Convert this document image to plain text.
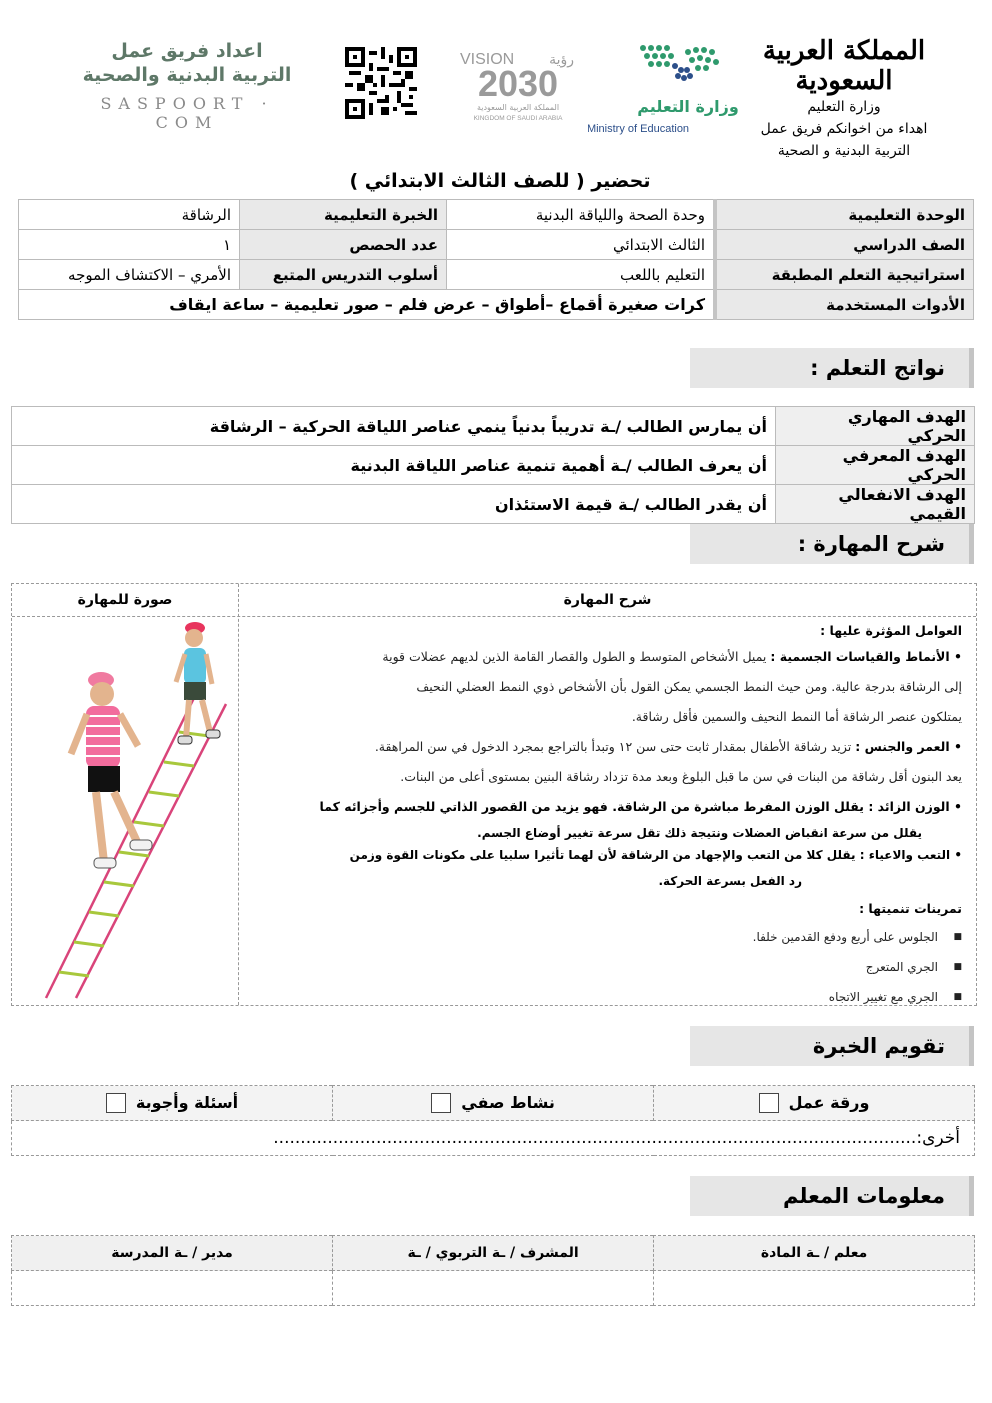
المملكة العربية السعودية
وزارة التعليم
اهداء من اخوانكم فريق عمل
التربية البدنية و الصحية
وزارة التعليم
Ministry of Education
VISION رؤية
2030
المملكة العربية السعودية
KINGDOM OF SAUDI ARABIA
اعداد فريق عمل
التربية البدنية والصحية
SASPOORT · COM
تحضير ( للصف الثالث الابتدائي )
الوحدة التعليمية	وحدة الصحة واللياقة البدنية	الخبرة التعليمية	الرشاقة
الصف الدراسي	الثالث الابتدائي	عدد الحصص	١
استراتيجية التعلم المطبقة	التعليم باللعب	أسلوب التدريس المتبع	الأمري – الاكتشاف الموجه
الأدوات المستخدمة	كرات صغيرة أقماع –أطواق – عرض فلم – صور تعليمية – ساعة ايقاف		
نواتج التعلم :
الهدف المهاري الحركي	أن يمارس الطالب /ـة تدريباً بدنياً ينمي عناصر اللياقة الحركية – الرشاقة
الهدف المعرفي الحركي	أن يعرف الطالب /ـة أهمية تنمية عناصر اللياقة البدنية
الهدف الانفعالي القيمي	أن يقدر الطالب /ـة قيمة الاستئذان
شرح المهارة :
صورة للمهارة	شرح المهارة

العوامل المؤثرة عليها :

• الأنماط والقياسات الجسمية : يميل الأشخاص المتوسط و الطول والقصار القامة الذين لديهم عضلات قوية

إلى الرشاقة بدرجة عالية. ومن حيث النمط الجسمي يمكن القول بأن الأشخاص ذوي النمط العضلي النحيف

يمتلكون عنصر الرشاقة أما النمط النحيف والسمين فأقل رشاقة.

• العمر والجنس : تزيد رشاقة الأطفال بمقدار ثابت حتى سن ١٢ وتبدأ بالتراجع بمجرد الدخول في سن المراهقة.

يعد البنون أقل رشاقة من البنات في سن ما قبل البلوغ وبعد مدة تزداد رشاقة البنين بمستوى أعلى من البنات.

• الوزن الزائد : يقلل الوزن المفرط مباشرة من الرشاقة. فهو يزيد من القصور الذاتي للجسم وأجزائه كما

يقلل من سرعة انقباض العضلات ونتيجة ذلك تقل سرعة تغيير أوضاع الجسم.

• التعب والاعياء : يقلل كلا من التعب والإجهاد من الرشاقة لأن لهما تأثيرا سلبيا على مكونات القوة وزمن

رد الفعل بسرعة الحركة.

تمرينات تنميتها :

■ الجلوس على أربع ودفع القدمين خلفا.

■ الجري المتعرج

■ الجري مع تغيير الاتجاه

تقويم الخبرة
ورقة عمل	نشاط صفي	أسئلة وأجوبة
أخرى:.......................................................................................................................
معلومات المعلم
معلم / ـة المادة	المشرف / ـة التربوي / ـة	مدير / ـة المدرسة
